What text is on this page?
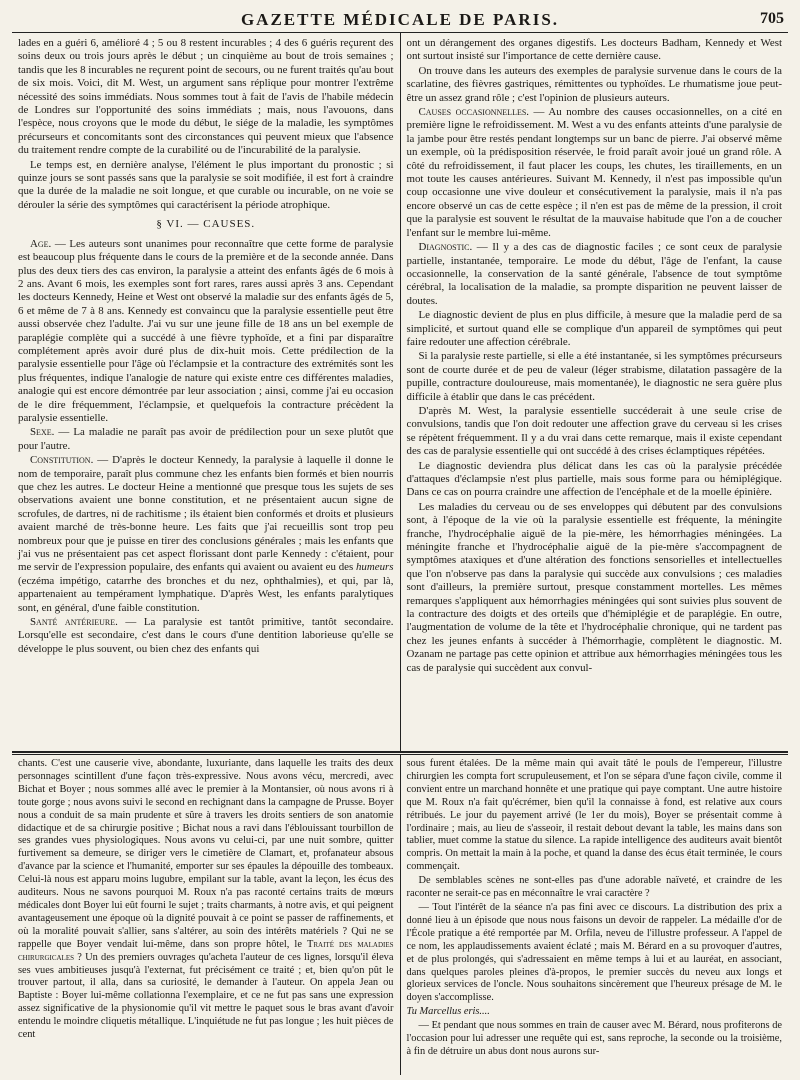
GAZETTE MÉDICALE DE PARIS.	705

lades en a guéri 6, amélioré 4 ; 5 ou 8 restent incurables ; 4 des 6 guéris reçurent des soins deux ou trois jours après le début ; un cinquième au bout de trois semaines ; tandis que les 8 incurables ne reçurent point de secours, ou ne furent traités qu'au bout de six mois. Voici, dit M. West, un argument sans réplique pour montrer l'extrême nécessité des soins immédiats. Nous sommes tout à fait de l'avis de l'habile médecin de Londres sur l'opportunité des soins immédiats ; mais, nous l'avouons, dans l'espèce, nous croyons que le mode du début, le siége de la maladie, les symptômes précurseurs et concomitants sont des circonstances qui peuvent mieux que l'absence du traitement rendre compte de la curabilité ou de l'incurabilité de la paralysie.

Le temps est, en dernière analyse, l'élément le plus important du pronostic ; si quinze jours se sont passés sans que la paralysie se soit modifiée, il est fort à craindre que la durée de la maladie ne soit longue, et que curable ou incurable, on ne voie se dérouler la série des symptômes qui caractérisent la période atrophique.

§ VI. — CAUSES.

Age. — Les auteurs sont unanimes pour reconnaître que cette forme de paralysie est beaucoup plus fréquente dans le cours de la première et de la seconde année. Dans plus des deux tiers des cas environ, la paralysie a atteint des enfants âgés de 6 mois à 2 ans. Avant 6 mois, les exemples sont fort rares, rares aussi après 3 ans. Cependant les docteurs Kennedy, Heine et West ont observé la maladie sur des enfants âgés de 5, 6 et même de 7 à 8 ans. Kennedy est convaincu que la paralysie essentielle peut être aussi observée chez l'adulte. J'ai vu sur une jeune fille de 18 ans un bel exemple de paraplégie complète qui a succédé à une fièvre typhoïde, et a fini par disparaître complétement après avoir duré plus de dix-huit mois. Cette prédilection de la paralysie essentielle pour l'âge où l'éclampsie et la contracture des extrémités sont les plus fréquentes, indique l'analogie de nature qui existe entre ces différentes maladies, analogie qui est encore démontrée par leur association ; ainsi, comme j'ai eu occasion de le dire fréquemment, l'éclampsie, et quelquefois la contracture précèdent la paralysie essentielle.

Sexe. — La maladie ne paraît pas avoir de prédilection pour un sexe plutôt que pour l'autre.

Constitution. — D'après le docteur Kennedy, la paralysie à laquelle il donne le nom de temporaire, paraît plus commune chez les enfants bien formés et bien nourris que chez les autres. Le docteur Heine a mentionné que presque tous les sujets de ses observations avaient une bonne constitution, et ne présentaient aucun signe de scrofules, de dartres, ni de rachitisme ; ils étaient bien conformés et droits et plusieurs avaient marché de très-bonne heure. Les faits que j'ai recueillis sont trop peu nombreux pour que je puisse en tirer des conclusions générales ; mais les enfants que j'ai vus ne présentaient pas cet aspect florissant dont parle Kennedy : c'étaient, pour me servir de l'expression populaire, des enfants qui avaient ou avaient eu des humeurs (eczéma impétigo, catarrhe des bronches et du nez, ophthalmies), et qui, par là, appartenaient au tempérament lymphatique. D'après West, les enfants paralytiques sont, en général, d'une faible constitution.

Santé antérieure. — La paralysie est tantôt primitive, tantôt secondaire. Lorsqu'elle est secondaire, c'est dans le cours d'une dentition laborieuse qu'elle se développe le plus souvent, ou bien chez des enfants qui

ont un dérangement des organes digestifs. Les docteurs Badham, Kennedy et West ont surtout insisté sur l'importance de cette dernière cause.

On trouve dans les auteurs des exemples de paralysie survenue dans le cours de la scarlatine, des fièvres gastriques, rémittentes ou typhoïdes. Le rhumatisme joue peut-être un assez grand rôle ; c'est l'opinion de plusieurs auteurs.

Causes occasionnelles. — Au nombre des causes occasionnelles, on a cité en première ligne le refroidissement. M. West a vu des enfants atteints d'une paralysie de la jambe pour être restés pendant longtemps sur un banc de pierre. J'ai observé même un exemple, où la prédisposition réservée, le froid paraît avoir joué un grand rôle. A côté du refroidissement, il faut placer les coups, les chutes, les tiraillements, en un mot toute les causes antérieures. Suivant M. Kennedy, il n'est pas impossible qu'un coup occasionne une vive douleur et consécutivement la paralysie, mais il n'a pas encore observé un cas de cette espèce ; il n'en est pas de même de la pression, il croit que la paralysie est souvent le résultat de la mauvaise habitude que l'on a de coucher l'enfant sur le membre lui-même.

Diagnostic. — Il y a des cas de diagnostic faciles ; ce sont ceux de paralysie partielle, instantanée, temporaire. Le mode du début, l'âge de l'enfant, la cause occasionnelle, la conservation de la santé générale, l'absence de tout symptôme cérébral, la localisation de la maladie, sa prompte disparition ne peuvent laisser de doutes.

Le diagnostic devient de plus en plus difficile, à mesure que la maladie perd de sa simplicité, et surtout quand elle se complique d'un appareil de symptômes qui peut faire redouter une affection cérébrale.

Si la paralysie reste partielle, si elle a été instantanée, si les symptômes précurseurs sont de courte durée et de peu de valeur (léger strabisme, dilatation passagère de la pupille, contracture douloureuse, mais momentanée), le diagnostic ne sera guère plus difficile à établir que dans le cas précédent.

D'après M. West, la paralysie essentielle succéderait à une seule crise de convulsions, tandis que l'on doit redouter une affection grave du cerveau si les crises se répètent fréquemment. Il y a du vrai dans cette remarque, mais il existe cependant des cas de paralysie essentielle qui ont succédé à des crises éclamptiques répétées.

Le diagnostic deviendra plus délicat dans les cas où la paralysie précédée d'attaques d'éclampsie n'est plus partielle, mais sous forme para ou hémiplégique. Dans ce cas on pourra craindre une affection de l'encéphale et de la moelle épinière.

Les maladies du cerveau ou de ses enveloppes qui débutent par des convulsions sont, à l'époque de la vie où la paralysie essentielle est fréquente, la méningite franche, l'hydrocéphalie aiguë de la pie-mère, les hémorrhagies méningées. La méningite franche et l'hydrocéphalie aiguë de la pie-mère s'accompagnent de symptômes ataxiques et d'une altération des fonctions sensorielles et intellectuelles que l'on n'observe pas dans la paralysie qui succède aux convulsions ; ces maladies sont d'ailleurs, la première surtout, presque constamment mortelles. Les mêmes remarques s'appliquent aux hémorrhagies méningées qui sont suivies plus souvent de la contracture des doigts et des orteils que d'hémiplégie et de paraplégie. En outre, l'augmentation de volume de la tête et l'hydrocéphalie chronique, qui ne tardent pas chez les jeunes enfants à succéder à l'hémorrhagie, complètent le diagnostic. M. Ozanam ne partage pas cette opinion et attribue aux hémorrhagies méningées tous les cas de paralysie qui succèdent aux convul-

chants. C'est une causerie vive, abondante, luxuriante, dans laquelle les traits des deux personnages scintillent d'une façon très-expressive. Nous avons vécu, mercredi, avec Bichat et Boyer ; nous sommes allé avec le premier à la Montansier, où nous avons ri à toute gorge ; nous avons suivi le second en rechignant dans la campagne de Prusse. Boyer nous a conduit de sa main prudente et sûre à travers les droits sentiers de son anatomie didactique et de sa chirurgie positive ; Bichat nous a ravi dans l'éblouissant tourbillon de ses grandes vues physiologiques. Nous avons vu celui-ci, par une nuit sombre, quitter furtivement sa demeure, se diriger vers le cimetière de Clamart, et, profanateur absous d'avance par la science et l'humanité, emporter sur ses épaules la dépouille des tombeaux. Celui-là nous est apparu moins lugubre, empilant sur la table, avant la leçon, les écus des auditeurs. Nous ne savons pourquoi M. Roux n'a pas raconté certains traits de mœurs médicales dont Boyer lui eût fourni le sujet ; traits charmants, à notre avis, et qui peignent avantageusement une époque où la dignité pouvait à ce point se passer de raffinements, et où la moralité pouvait s'allier, sans s'altérer, au soin des intérêts matériels ? Qui ne se rappelle que Boyer vendait lui-même, dans son propre hôtel, le Traité des maladies chirurgicales ? Un des premiers ouvrages qu'acheta l'auteur de ces lignes, lorsqu'il éleva ses vues ambitieuses jusqu'à l'externat, fut précisément ce traité ; et, bien qu'on pût le trouver partout, il alla, dans sa curiosité, le demander à l'auteur. On appela Jean ou Baptiste : Boyer lui-même collationna l'exemplaire, et ce ne fut pas sans une expression assez significative de la physionomie qu'il vit mettre le paquet sous le bras avant d'avoir entendu le moindre cliquetis métallique. L'inquiétude ne fut pas longue ; les huit pièces de cent

sous furent étalées. De la même main qui avait tâté le pouls de l'empereur, l'illustre chirurgien les compta fort scrupuleusement, et l'on se sépara d'une façon civile, comme il convient entre un marchand honnête et une pratique qui paye comptant. Une autre histoire que M. Roux n'a fait qu'écrémer, bien qu'il la connaisse à fond, est relative aux cours rétribués. Le jour du payement arrivé (le 1er du mois), Boyer se présentait comme à l'ordinaire ; mais, au lieu de s'asseoir, il restait debout devant la table, les mains dans son tablier, muet comme la statue du silence. La rapide intelligence des auditeurs avait bientôt compris. On mettait la main à la poche, et quand la danse des écus était terminée, le cours commençait.

De semblables scènes ne sont-elles pas d'une adorable naïveté, et craindre de les raconter ne serait-ce pas en méconnaître le vrai caractère ?

— Tout l'intérêt de la séance n'a pas fini avec ce discours. La distribution des prix a donné lieu à un épisode que nous nous faisons un devoir de rappeler. La médaille d'or de l'École pratique a été remportée par M. Orfila, neveu de l'illustre professeur. A l'appel de ce nom, les applaudissements avaient éclaté ; mais M. Bérard en a su provoquer d'autres, et de plus prolongés, qui s'adressaient en même temps à lui et au lauréat, en associant, dans quelques paroles pleines d'à-propos, le premier succès du neveu aux longs et glorieux services de l'oncle. Nous souhaitons sincèrement que l'heureux présage de M. le doyen s'accomplisse.

Tu Marcellus eris....

— Et pendant que nous sommes en train de causer avec M. Bérard, nous profiterons de l'occasion pour lui adresser une requête qui est, sans reproche, la seconde ou la troisième, à fin de détruire un abus dont nous aurons sur-
